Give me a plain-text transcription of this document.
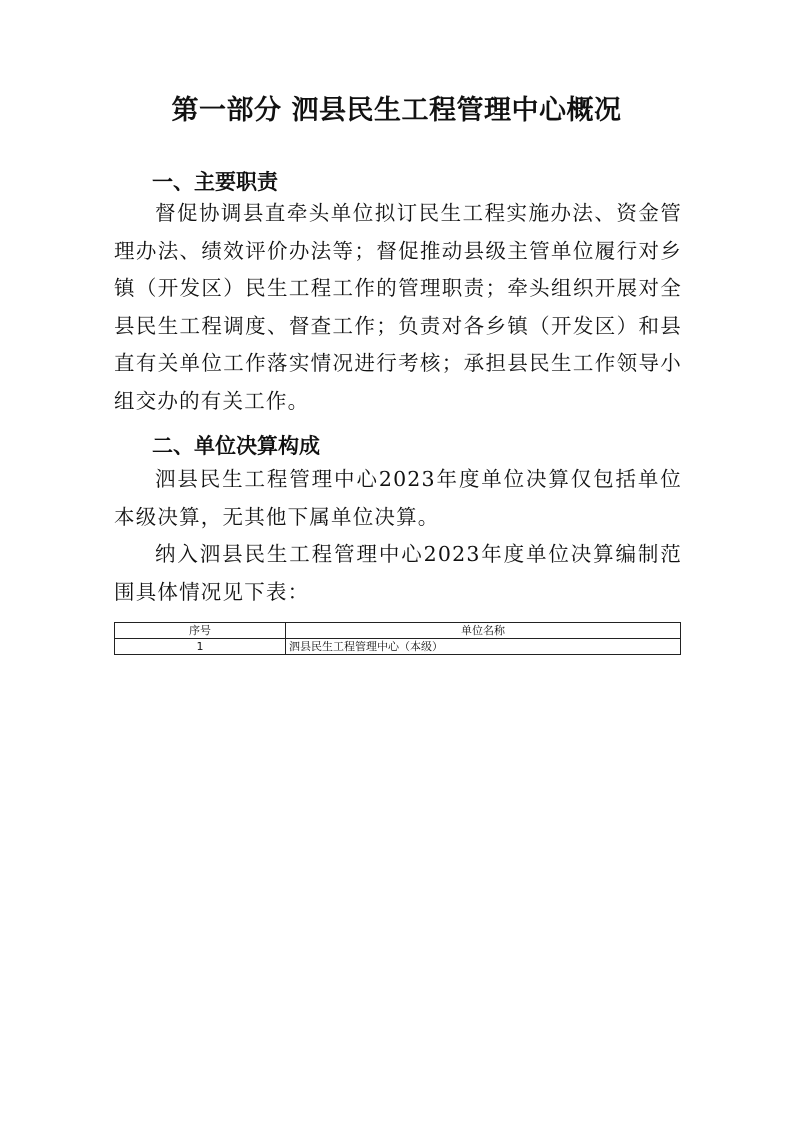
第一部分 泗县民生工程管理中心概况
一、主要职责
督促协调县直牵头单位拟订民生工程实施办法、资金管理办法、绩效评价办法等；督促推动县级主管单位履行对乡镇（开发区）民生工程工作的管理职责；牵头组织开展对全县民生工程调度、督查工作；负责对各乡镇（开发区）和县直有关单位工作落实情况进行考核；承担县民生工作领导小组交办的有关工作。
二、单位决算构成
泗县民生工程管理中心2023年度单位决算仅包括单位本级决算，无其他下属单位决算。
纳入泗县民生工程管理中心2023年度单位决算编制范围具体情况见下表：
序号	单位名称
1	泗县民生工程管理中心（本级）
